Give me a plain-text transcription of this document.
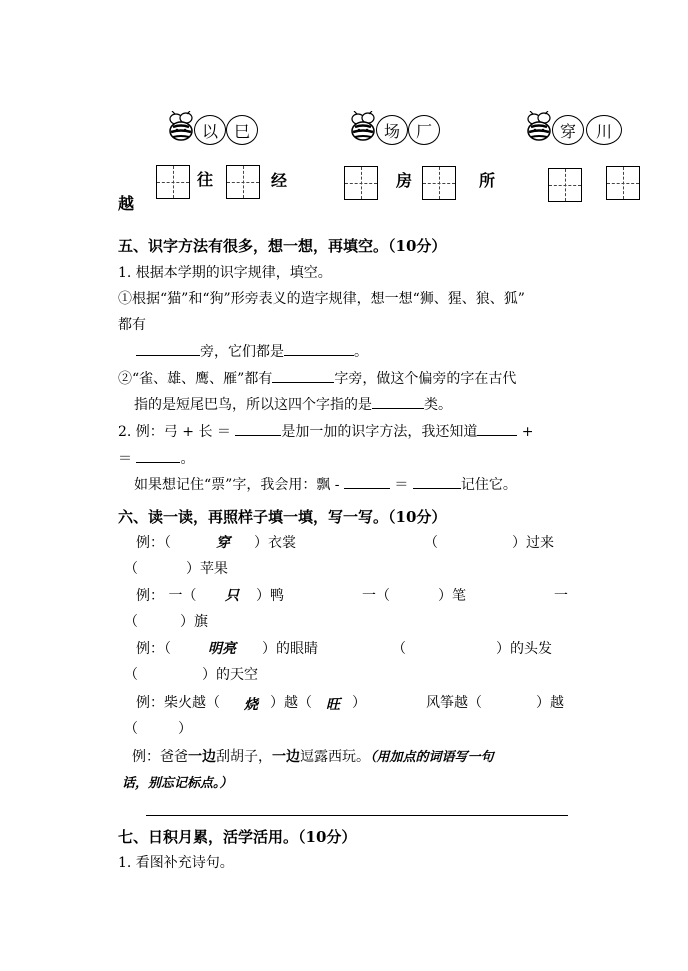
以 巳	场 厂	穿	川
越
往	经	房	所
五、识字方法有很多，想一想，再填空。（10分）
1. 根据本学期的识字规律，填空。
①根据“猫”和“狗”形旁表义的造字规律，想一想“狮、猩、狼、狐”
都有
旁，它们都是	。
②“雀、雄、鹰、雁”都有	字旁，做这个偏旁的字在古代
指的是短尾巴鸟，所以这四个字指的是	类。
2. 例：弓 + 长 ＝	是加一加的识字方法，我还知道	+
＝	。
如果想记住“票”字，我会用：飘 -	＝	记住它。
六、读一读，再照样子填一填，写一写。（10分）
例：（	穿 ）衣裳	（	）过来
（	）苹果
例： 一（ 只 ）鸭	一（	）笔	一
（	）旗
例：（	明亮 ）的眼睛	（	）的头发
（	）的天空
例：柴火越（ 烧 ）越（ 旺 ）	风筝越（	）越
（	）
例：爸爸一边刮胡子，一边逗露西玩。（用加点的词语写一句
话，别忘记标点。）
七、日积月累，活学活用。（10分）
1. 看图补充诗句。
